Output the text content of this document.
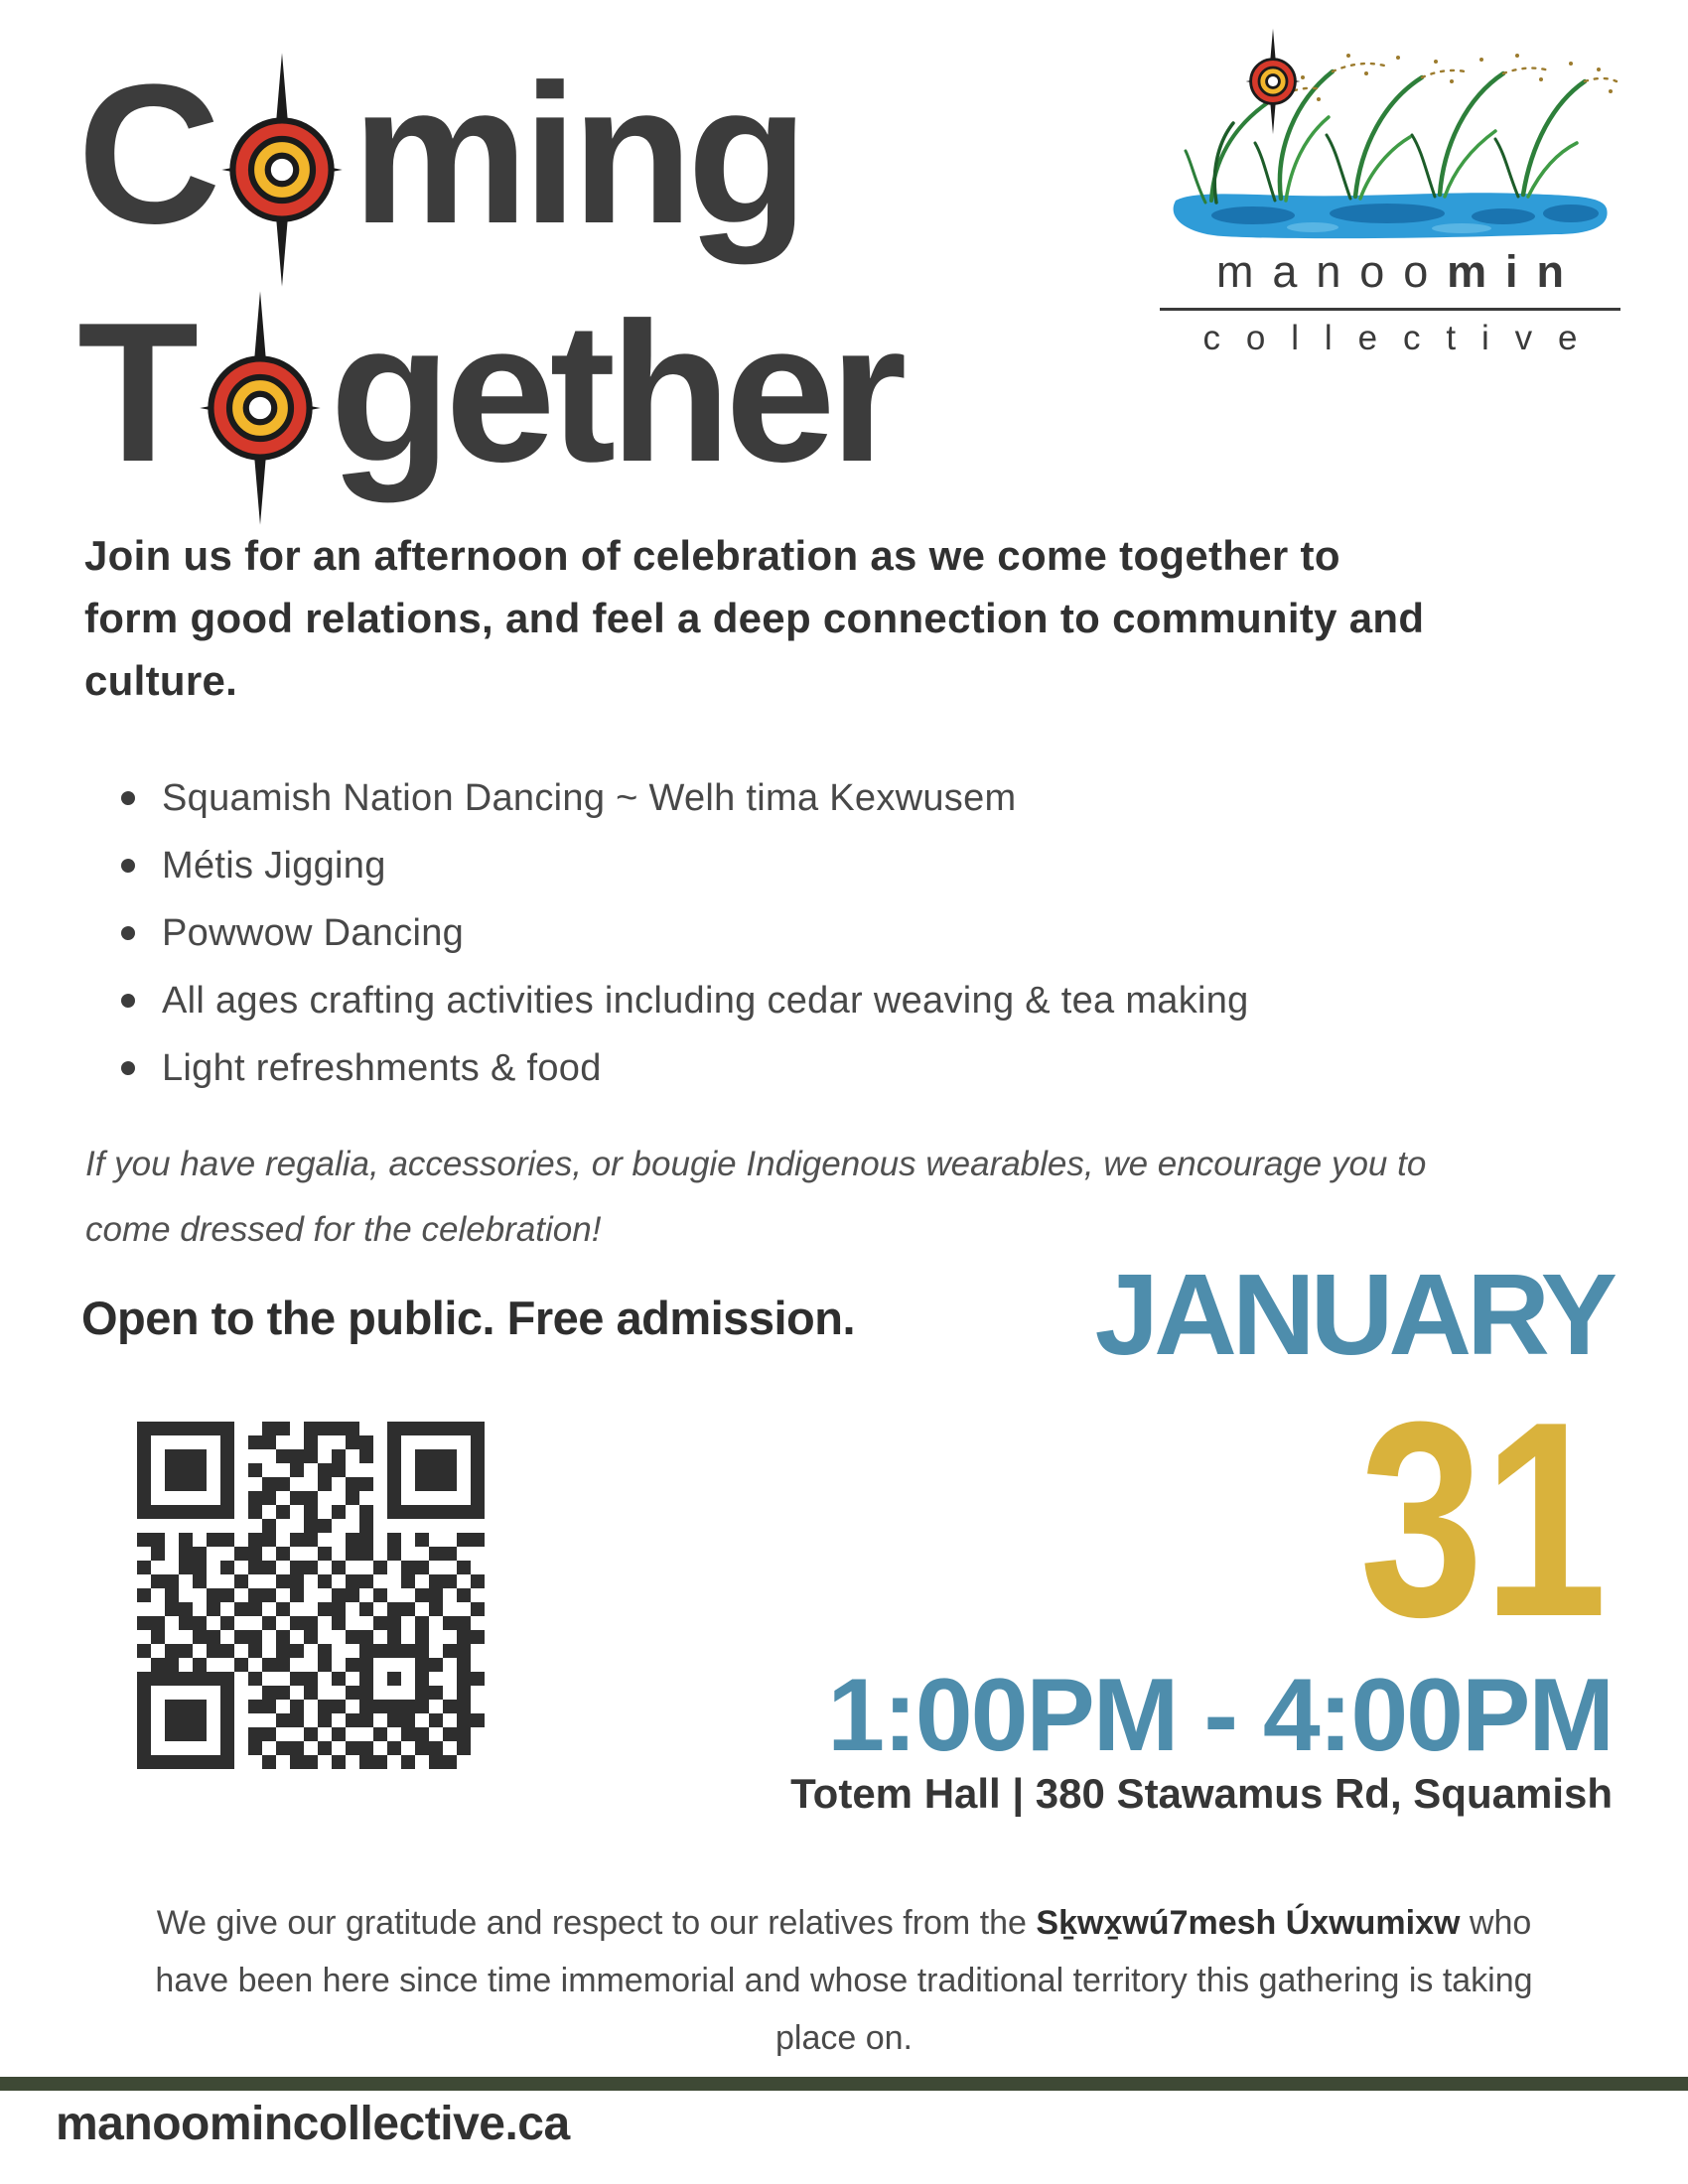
C ming
T gether
manoomin
collective
Join us for an afternoon of celebration as we come together to
form good relations, and feel a deep connection to community and
culture.
Squamish Nation Dancing ~ Welh tima Kexwusem
Métis Jigging
Powwow Dancing
All ages crafting activities including cedar weaving & tea making
Light refreshments & food
If you have regalia, accessories, or bougie Indigenous wearables, we encourage you to
come dressed for the celebration!
Open to the public. Free admission. JANUARY
31
1:00PM - 4:00PM
Totem Hall | 380 Stawamus Rd, Squamish
We give our gratitude and respect to our relatives from the Sḵwx̱wú7mesh Úxwumixw who
have been here since time immemorial and whose traditional territory this gathering is taking
place on.
manoomincollective.ca
